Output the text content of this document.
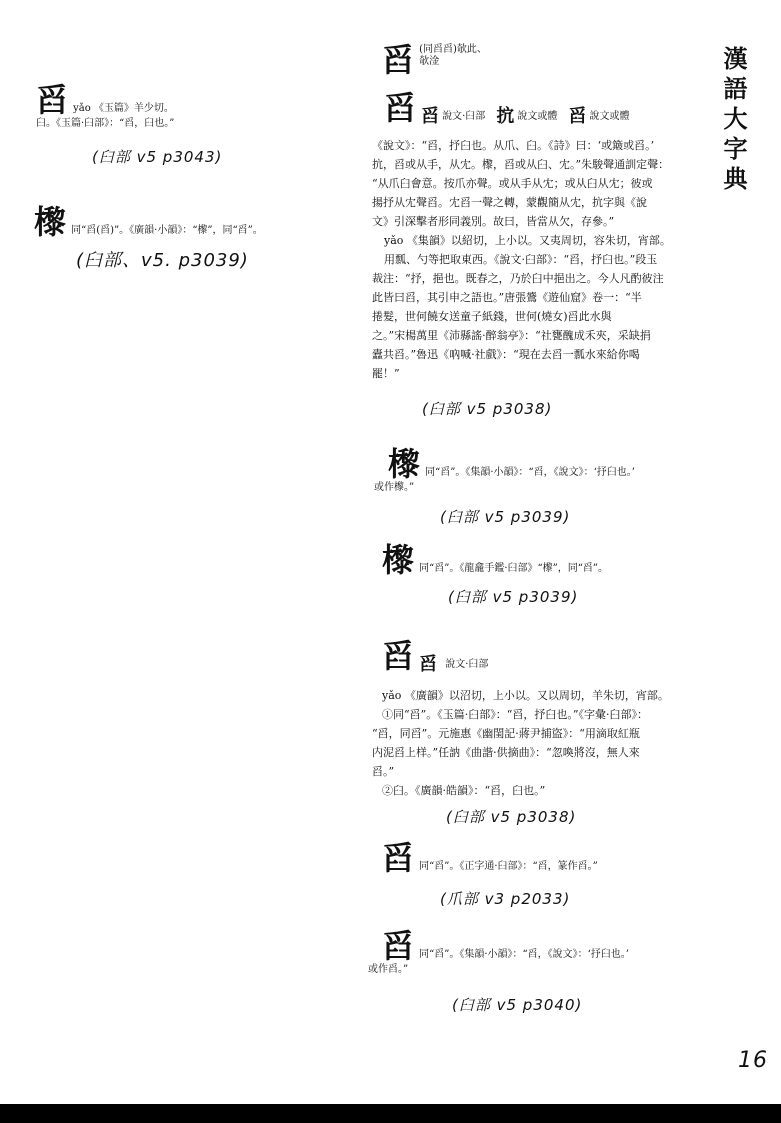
漢語大字典
舀 yǎo 《玉篇》羊少切。
臼。《玉篇·臼部》：“舀，臼也。”
(臼部 v5 p3043)
㰀 同“舀(舀)”。《廣韻·小韻》：“㰀”，同“舀”。
(臼部、v5. p3039)
舀 (同舀舀)欹此、欹淦
舀 舀 說文·臼部 抭 說文或體 舀 說文或體
《說文》：“舀，抒臼也。从爪、臼。《詩》曰：‘或簸或舀。’
抭，舀或从手，从冘。㰀，舀或从臼、冘。”朱駿聲通訓定聲：
“从爪臼會意。按爪亦聲。或从手从冘；或从臼从冘；彼或
揚抒从冘聲舀。冘舀一聲之轉，蒙觀簡从冘，抭字與《說
文》引深擊者形同義別。故曰，皆當从欠，存參。”
yǎo 《集韻》以紹切，上小以。又夷周切，容朱切，宵部。
用瓢、勺等把取東西。《說文·臼部》：“舀，抒臼也。”段玉
裁注：“抒，挹也。既春之，乃於臼中挹出之。今人凡酌彼注
此皆曰舀，其引申之語也。”唐張鷟《遊仙窟》卷一：“半
捲髮，世何饒女送童子紙錢，世何(燒女)舀此水與
之。”宋楊萬里《沛縣謠·醉翁亭》：“社甕醜成禾夾，采缺捐
蠹共舀。”魯迅《吶喊·社戲》：“現在去舀一瓢水來給你喝
罷！”
(臼部 v5 p3038)
㰀 同“舀”。《集韻·小韻》：“舀，《說文》：‘抒臼也。’
或作㰀。”
(臼部 v5 p3039)
㰀 同“舀”。《龍龕手鑑·臼部》“㰀”，同“舀”。
(臼部 v5 p3039)
舀 舀 說文·臼部
yǎo 《廣韻》以沼切，上小以。又以周切，羊朱切，宵部。
①同“舀”。《玉篇·臼部》：“舀，抒臼也。”《字彙·臼部》：
“舀，同舀”。元施惠《幽閨記·蔣尹捕盜》：“用滴取紅瓶
内泥舀上样。”任訥《曲諧·供摘曲》：“忽喚將沒，無人來
舀。”
②臼。《廣韻·皓韻》：“舀，臼也。”
(臼部 v5 p3038)
舀 同“舀”。《正字通·臼部》：“舀，篆作舀。”
(爪部 v3 p2033)
舀 同“舀”。《集韻·小韻》：“舀，《說文》：‘抒臼也。’
或作舀。”
(臼部 v5 p3040)
16
